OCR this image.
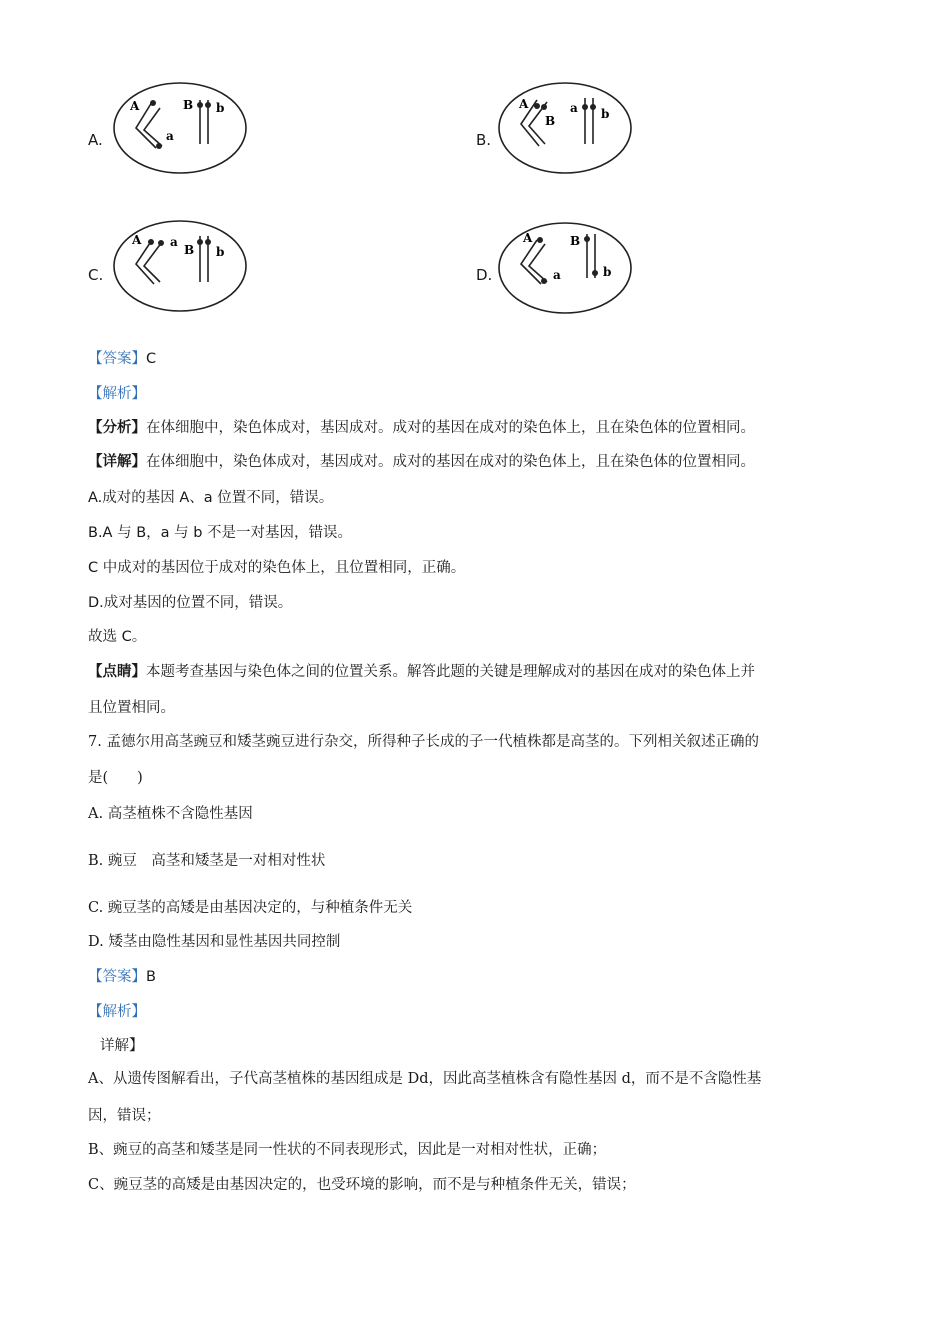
A.
A
a
B b
B.
A
B
a b
C.
A a
B b
D.
A
a
B
b
【答案】C
【解析】
【分析】在体细胞中，染色体成对，基因成对。成对的基因在成对的染色体上，且在染色体的位置相同。
【详解】在体细胞中，染色体成对，基因成对。成对的基因在成对的染色体上，且在染色体的位置相同。
A.成对的基因 A、a 位置不同，错误。
B.A 与 B，a 与 b 不是一对基因，错误。
C 中成对的基因位于成对的染色体上，且位置相同，正确。
D.成对基因的位置不同，错误。
故选 C。
【点睛】本题考查基因与染色体之间的位置关系。解答此题的关键是理解成对的基因在成对的染色体上并
且位置相同。
7. 孟德尔用高茎豌豆和矮茎豌豆进行杂交，所得种子长成的子一代植株都是高茎的。下列相关叙述正确的
是(　　)
A. 高茎植株不含隐性基因
B. 豌豆　高茎和矮茎是一对相对性状
C. 豌豆茎的高矮是由基因决定的，与种植条件无关
D. 矮茎由隐性基因和显性基因共同控制
【答案】B
【解析】
详解】
A、从遗传图解看出，子代高茎植株的基因组成是 Dd，因此高茎植株含有隐性基因 d，而不是不含隐性基
因，错误；
B、豌豆的高茎和矮茎是同一性状的不同表现形式，因此是一对相对性状，正确；
C、豌豆茎的高矮是由基因决定的，也受环境的影响，而不是与种植条件无关，错误；
